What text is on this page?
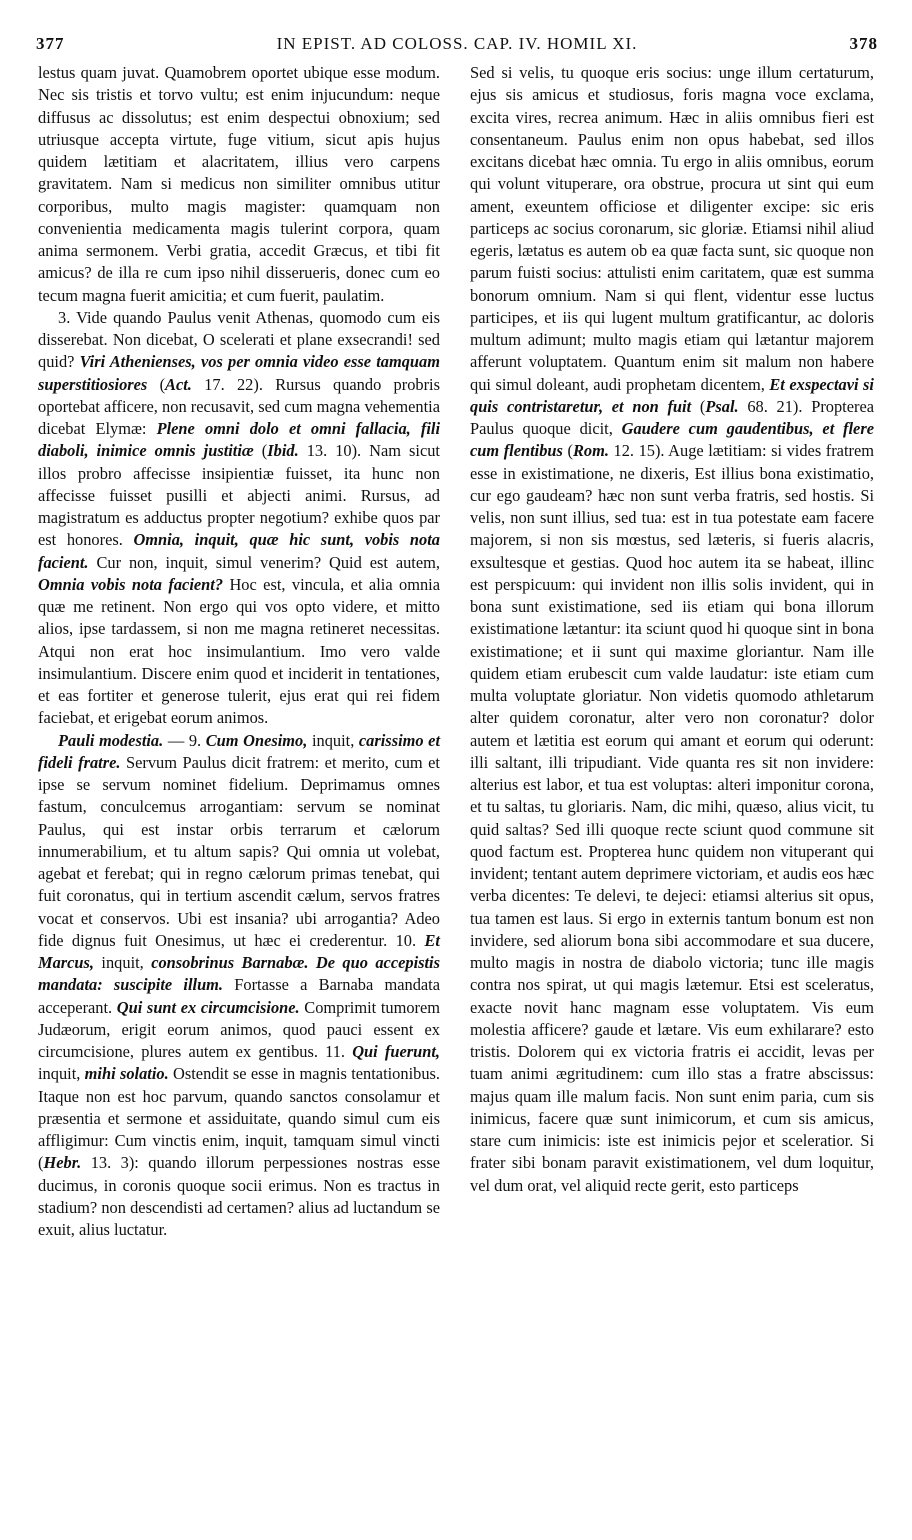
377	IN EPIST. AD COLOSS. CAP. IV. HOMIL XI.	378

lestus quam juvat. Quamobrem oportet ubique esse modum. Nec sis tristis et torvo vultu; est enim injucundum: neque diffusus ac dissolutus; est enim despectui obnoxium; sed utriusque accepta virtute, fuge vitium, sicut apis hujus quidem lætitiam et alacritatem, illius vero carpens gravitatem. Nam si medicus non similiter omnibus utitur corporibus, multo magis magister: quamquam non convenientia medicamenta magis tulerint corpora, quam anima sermonem. Verbi gratia, accedit Græcus, et tibi fit amicus? de illa re cum ipso nihil disserueris, donec cum eo tecum magna fuerit amicitia; et cum fuerit, paulatim.

3. Vide quando Paulus venit Athenas, quomodo cum eis disserebat. Non dicebat, O scelerati et plane exsecrandi! sed quid? Viri Athenienses, vos per omnia video esse tamquam superstitiosiores (Act. 17. 22). Rursus quando probris oportebat afficere, non recusavit, sed cum magna vehementia dicebat Elymæ: Plene omni dolo et omni fallacia, fili diaboli, inimice omnis justitiæ (Ibid. 13. 10). Nam sicut illos probro affecisse insipientiæ fuisset, ita hunc non affecisse fuisset pusilli et abjecti animi. Rursus, ad magistratum es adductus propter negotium? exhibe quos par est honores. Omnia, inquit, quæ hic sunt, vobis nota facient. Cur non, inquit, simul venerim? Quid est autem, Omnia vobis nota facient? Hoc est, vincula, et alia omnia quæ me retinent. Non ergo qui vos opto videre, et mitto alios, ipse tardassem, si non me magna retineret necessitas. Atqui non erat hoc insimulantium. Imo vero valde insimulantium. Discere enim quod et inciderit in tentationes, et eas fortiter et generose tulerit, ejus erat qui rei fidem faciebat, et erigebat eorum animos.

Pauli modestia. — 9. Cum Onesimo, inquit, carissimo et fideli fratre. Servum Paulus dicit fratrem: et merito, cum et ipse se servum nominet fidelium. Deprimamus omnes fastum, conculcemus arrogantiam: servum se nominat Paulus, qui est instar orbis terrarum et cælorum innumerabilium, et tu altum sapis? Qui omnia ut volebat, agebat et ferebat; qui in regno cælorum primas tenebat, qui fuit coronatus, qui in tertium ascendit cælum, servos fratres vocat et conservos. Ubi est insania? ubi arrogantia? Adeo fide dignus fuit Onesimus, ut hæc ei crederentur. 10. Et Marcus, inquit, consobrinus Barnabæ. De quo accepistis mandata: suscipite illum. Fortasse a Barnaba mandata acceperant. Qui sunt ex circumcisione. Comprimit tumorem Judæorum, erigit eorum animos, quod pauci essent ex circumcisione, plures autem ex gentibus. 11. Qui fuerunt, inquit, mihi solatio. Ostendit se esse in magnis tentationibus. Itaque non est hoc parvum, quando sanctos consolamur et præsentia et sermone et assiduitate, quando simul cum eis affligimur: Cum vinctis enim, inquit, tamquam simul vincti (Hebr. 13. 3): quando illorum perpessiones nostras esse ducimus, in coronis quoque socii erimus. Non es tractus in stadium? non descendisti ad certamen? alius ad luctandum se exuit, alius luctatur.

Sed si velis, tu quoque eris socius: unge illum certaturum, ejus sis amicus et studiosus, foris magna voce exclama, excita vires, recrea animum. Hæc in aliis omnibus fieri est consentaneum. Paulus enim non opus habebat, sed illos excitans dicebat hæc omnia. Tu ergo in aliis omnibus, eorum qui volunt vituperare, ora obstrue, procura ut sint qui eum ament, exeuntem officiose et diligenter excipe: sic eris particeps ac socius coronarum, sic gloriæ. Etiamsi nihil aliud egeris, lætatus es autem ob ea quæ facta sunt, sic quoque non parum fuisti socius: attulisti enim caritatem, quæ est summa bonorum omnium. Nam si qui flent, videntur esse luctus participes, et iis qui lugent multum gratificantur, ac doloris multum adimunt; multo magis etiam qui lætantur majorem afferunt voluptatem. Quantum enim sit malum non habere qui simul doleant, audi prophetam dicentem, Et exspectavi si quis contristaretur, et non fuit (Psal. 68. 21). Propterea Paulus quoque dicit, Gaudere cum gaudentibus, et flere cum flentibus (Rom. 12. 15). Auge lætitiam: si vides fratrem esse in existimatione, ne dixeris, Est illius bona existimatio, cur ego gaudeam? hæc non sunt verba fratris, sed hostis. Si velis, non sunt illius, sed tua: est in tua potestate eam facere majorem, si non sis mœstus, sed læteris, si fueris alacris, exsultesque et gestias. Quod hoc autem ita se habeat, illinc est perspicuum: qui invident non illis solis invident, qui in bona sunt existimatione, sed iis etiam qui bona illorum existimatione lætantur: ita sciunt quod hi quoque sint in bona existimatione; et ii sunt qui maxime gloriantur. Nam ille quidem etiam erubescit cum valde laudatur: iste etiam cum multa voluptate gloriatur. Non videtis quomodo athletarum alter quidem coronatur, alter vero non coronatur? dolor autem et lætitia est eorum qui amant et eorum qui oderunt: illi saltant, illi tripudiant. Vide quanta res sit non invidere: alterius est labor, et tua est voluptas: alteri imponitur corona, et tu saltas, tu gloriaris. Nam, dic mihi, quæso, alius vicit, tu quid saltas? Sed illi quoque recte sciunt quod commune sit quod factum est. Propterea hunc quidem non vituperant qui invident; tentant autem deprimere victoriam, et audis eos hæc verba dicentes: Te delevi, te dejeci: etiamsi alterius sit opus, tua tamen est laus. Si ergo in externis tantum bonum est non invidere, sed aliorum bona sibi accommodare et sua ducere, multo magis in nostra de diabolo victoria; tunc ille magis contra nos spirat, ut qui magis lætemur. Etsi est sceleratus, exacte novit hanc magnam esse voluptatem. Vis eum molestia afficere? gaude et lætare. Vis eum exhilarare? esto tristis. Dolorem qui ex victoria fratris ei accidit, levas per tuam animi ægritudinem: cum illo stas a fratre abscissus: majus quam ille malum facis. Non sunt enim paria, cum sis inimicus, facere quæ sunt inimicorum, et cum sis amicus, stare cum inimicis: iste est inimicis pejor et sceleratior. Si frater sibi bonam paravit existimationem, vel dum loquitur, vel dum orat, vel aliquid recte gerit, esto particeps
